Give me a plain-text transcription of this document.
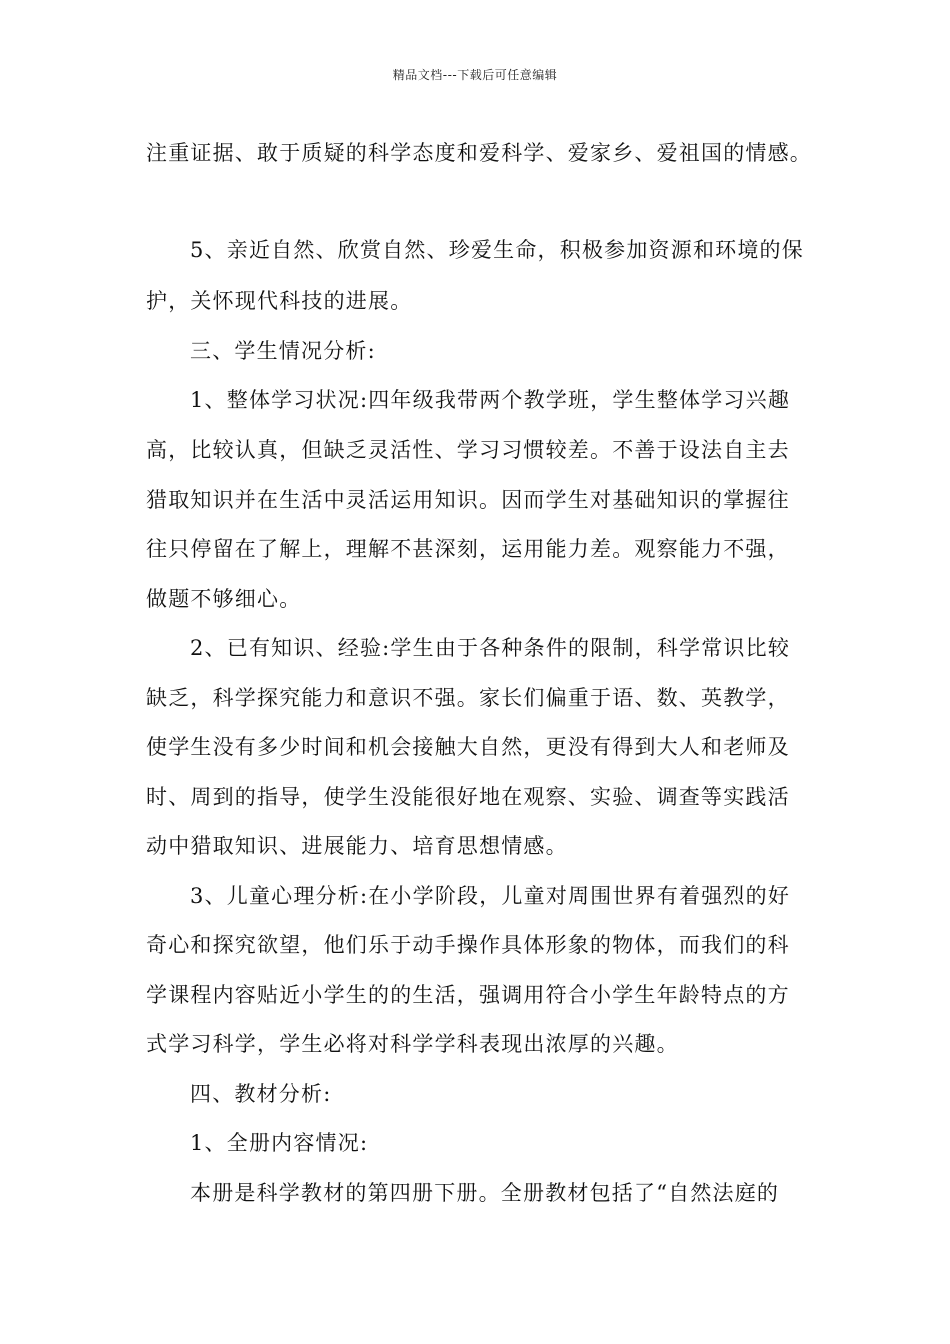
精品文档---下载后可任意编辑
注重证据、敢于质疑的科学态度和爱科学、爱家乡、爱祖国的情感。
5、亲近自然、欣赏自然、珍爱生命，积极参加资源和环境的保
护，关怀现代科技的进展。
三、学生情况分析:
1、整体学习状况:四年级我带两个教学班，学生整体学习兴趣
高，比较认真，但缺乏灵活性、学习习惯较差。不善于设法自主去
猎取知识并在生活中灵活运用知识。因而学生对基础知识的掌握往
往只停留在了解上，理解不甚深刻，运用能力差。观察能力不强，
做题不够细心。
2、已有知识、经验:学生由于各种条件的限制，科学常识比较
缺乏，科学探究能力和意识不强。家长们偏重于语、数、英教学，
使学生没有多少时间和机会接触大自然，更没有得到大人和老师及
时、周到的指导，使学生没能很好地在观察、实验、调查等实践活
动中猎取知识、进展能力、培育思想情感。
3、儿童心理分析:在小学阶段，儿童对周围世界有着强烈的好
奇心和探究欲望，他们乐于动手操作具体形象的物体，而我们的科
学课程内容贴近小学生的的生活，强调用符合小学生年龄特点的方
式学习科学，学生必将对科学学科表现出浓厚的兴趣。
四、教材分析:
1、全册内容情况:
本册是科学教材的第四册下册。全册教材包括了“自然法庭的
